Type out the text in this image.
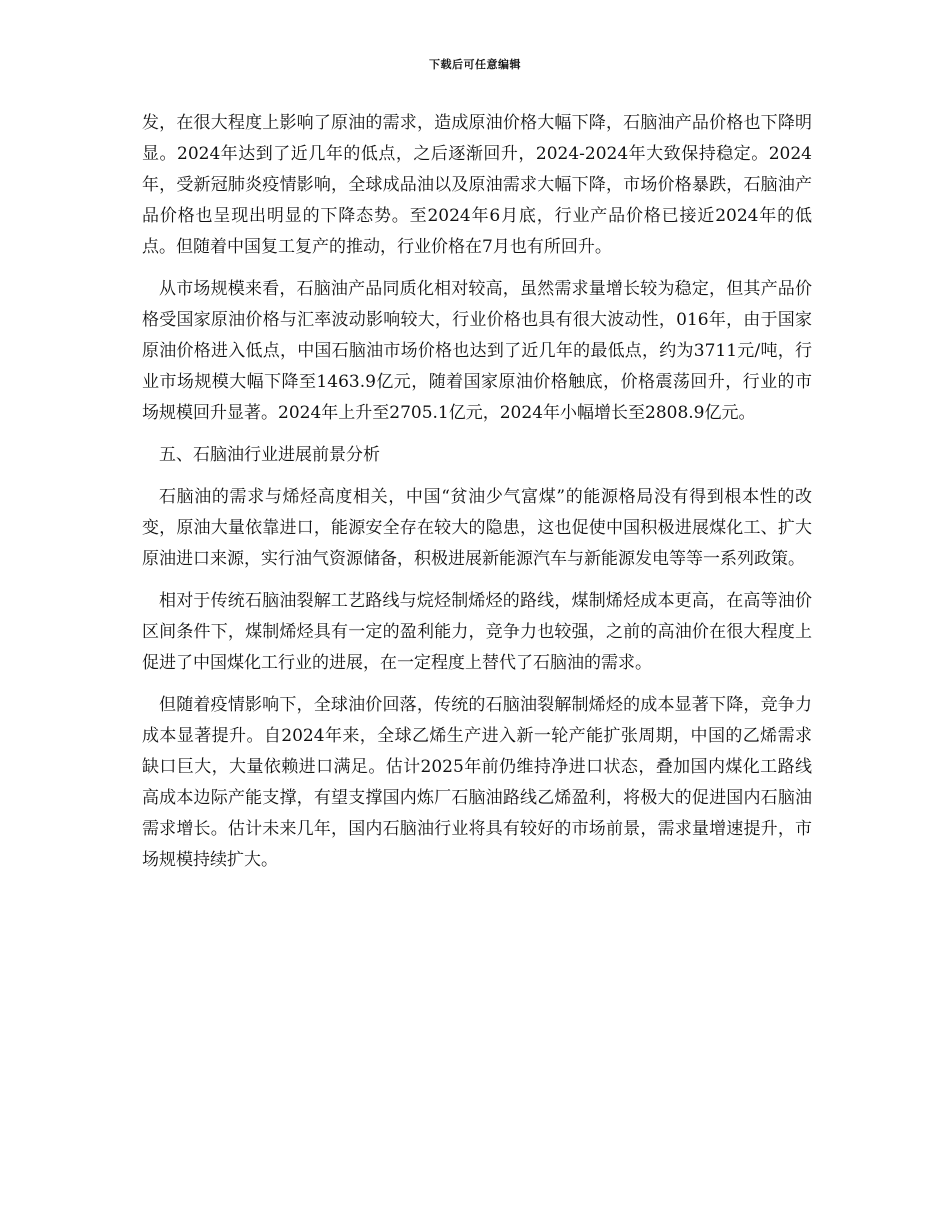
下载后可任意编辑

发，在很大程度上影响了原油的需求，造成原油价格大幅下降，石脑油产品价格也下降明显。2024年达到了近几年的低点，之后逐渐回升，2024-2024年大致保持稳定。2024年，受新冠肺炎疫情影响，全球成品油以及原油需求大幅下降，市场价格暴跌，石脑油产品价格也呈现出明显的下降态势。至2024年6月底，行业产品价格已接近2024年的低点。但随着中国复工复产的推动，行业价格在7月也有所回升。

从市场规模来看，石脑油产品同质化相对较高，虽然需求量增长较为稳定，但其产品价格受国家原油价格与汇率波动影响较大，行业价格也具有很大波动性，016年，由于国家原油价格进入低点，中国石脑油市场价格也达到了近几年的最低点，约为3711元/吨，行业市场规模大幅下降至1463.9亿元，随着国家原油价格触底，价格震荡回升，行业的市场规模回升显著。2024年上升至2705.1亿元，2024年小幅增长至2808.9亿元。

五、石脑油行业进展前景分析

石脑油的需求与烯烃高度相关，中国“贫油少气富煤”的能源格局没有得到根本性的改变，原油大量依靠进口，能源安全存在较大的隐患，这也促使中国积极进展煤化工、扩大原油进口来源，实行油气资源储备，积极进展新能源汽车与新能源发电等等一系列政策。

相对于传统石脑油裂解工艺路线与烷烃制烯烃的路线，煤制烯烃成本更高，在高等油价区间条件下，煤制烯烃具有一定的盈利能力，竞争力也较强，之前的高油价在很大程度上促进了中国煤化工行业的进展，在一定程度上替代了石脑油的需求。

但随着疫情影响下，全球油价回落，传统的石脑油裂解制烯烃的成本显著下降，竞争力成本显著提升。自2024年来，全球乙烯生产进入新一轮产能扩张周期，中国的乙烯需求缺口巨大，大量依赖进口满足。估计2025年前仍维持净进口状态，叠加国内煤化工路线高成本边际产能支撑，有望支撑国内炼厂石脑油路线乙烯盈利，将极大的促进国内石脑油需求增长。估计未来几年，国内石脑油行业将具有较好的市场前景，需求量增速提升，市场规模持续扩大。
